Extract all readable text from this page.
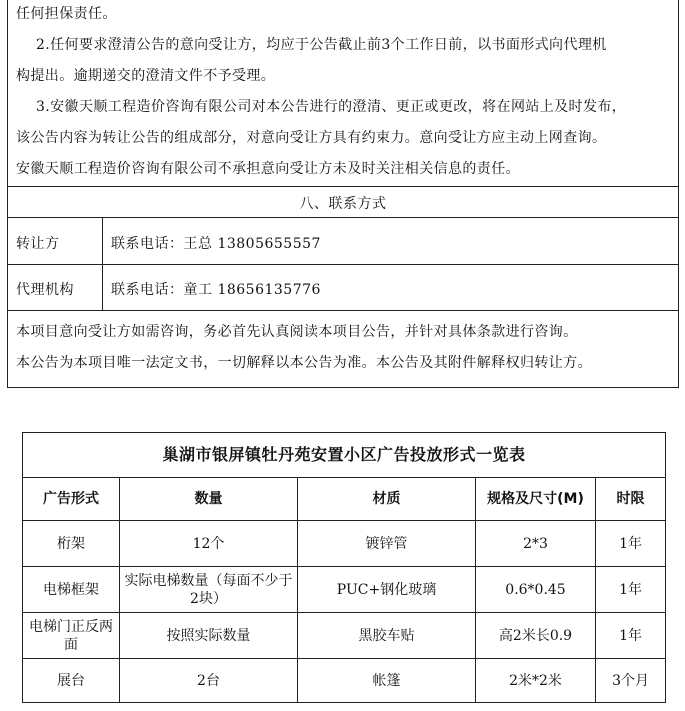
任何担保责任。
2.任何要求澄清公告的意向受让方，均应于公告截止前3个工作日前，以书面形式向代理机
构提出。逾期递交的澄清文件不予受理。
3.安徽天顺工程造价咨询有限公司对本公告进行的澄清、更正或更改，将在网站上及时发布，
该公告内容为转让公告的组成部分，对意向受让方具有约束力。意向受让方应主动上网查询。
安徽天顺工程造价咨询有限公司不承担意向受让方未及时关注相关信息的责任。
八、联系方式
转让方	联系电话：王总 13805655557
代理机构	联系电话：童工 18656135776
本项目意向受让方如需咨询，务必首先认真阅读本项目公告，并针对具体条款进行咨询。
本公告为本项目唯一法定文书，一切解释以本公告为准。本公告及其附件解释权归转让方。
巢湖市银屏镇牡丹苑安置小区广告投放形式一览表				
广告形式	数量	材质	规格及尺寸(M)	时限
桁架	12个	镀锌管	2*3	1年
电梯框架	实际电梯数量（每面不少于2块）	PUC+钢化玻璃	0.6*0.45	1年
电梯门正反两面	按照实际数量	黑胶车贴	高2米长0.9	1年
展台	2台	帐篷	2米*2米	3个月
